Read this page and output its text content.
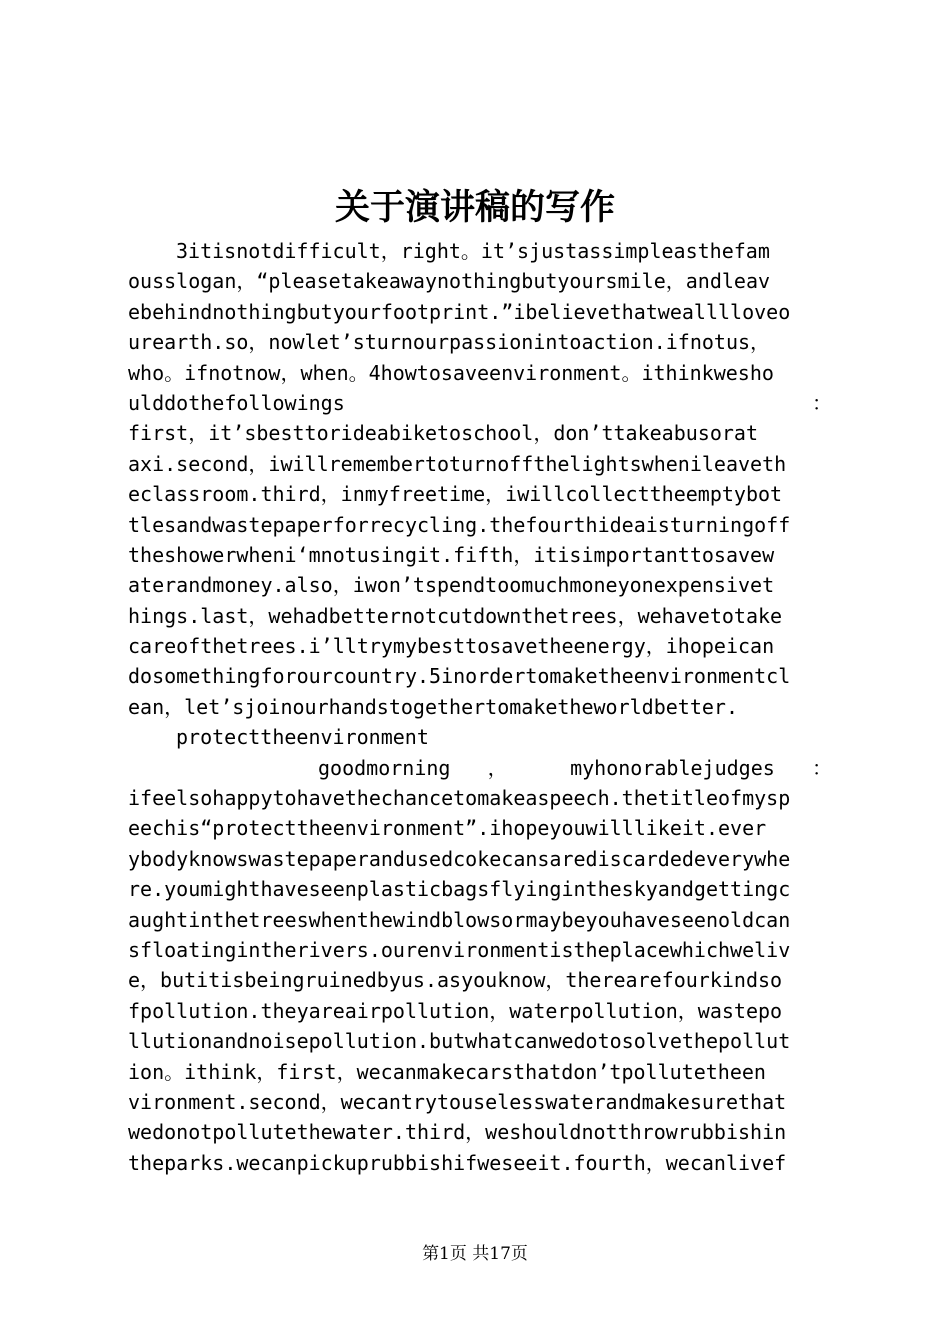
关于演讲稿的写作
3itisnotdifficult，right。it’sjustassimpleasthefam
ousslogan，“pleasetakeawaynothingbutyoursmile，andleav
ebehindnothingbutyourfootprint.”ibelievethatwealllloveo
urearth.so，nowlet’sturnourpassionintoaction.ifnotus，
who。ifnotnow，when。4howtosaveenvironment。ithinkwesho
ulddothefollowings	：
first，it’sbesttorideabiketoschool，don’ttakeabusorat
axi.second，iwillremembertoturnoffthelightswhenileaveth
eclassroom.third，inmyfreetime，iwillcollecttheemptybot
tlesandwastepaperforrecycling.thefourthideaisturningoff
theshowerwheni‘mnotusingit.fifth，itisimportanttosavew
aterandmoney.also，iwon’tspendtoomuchmoneyonexpensivet
hings.last，wehadbetternotcutdownthetrees，wehavetotake
careofthetrees.i’lltrymybesttosavetheenergy，ihopeican
dosomethingforourcountry.5inordertomaketheenvironmentcl
ean，let’sjoinourhandstogethertomaketheworldbetter.
protecttheenvironment
goodmorning ， myhonorablejudges ：
ifeelsohappytohavethechancetomakeaspeech.thetitleofmysp
eechis“protecttheenvironment”.ihopeyouwilllikeit.ever
ybodyknowswastepaperandusedcokecansarediscardedeverywhe
re.youmighthaveseenplasticbagsflyingintheskyandgettingc
aughtinthetreeswhenthewindblowsormaybeyouhaveseenoldcan
sfloatingintherivers.ourenvironmentistheplacewhichweliv
e，butitisbeingruinedbyus.asyouknow，therearefourkindso
fpollution.theyareairpollution，waterpollution，wastepo
llutionandnoisepollution.butwhatcanwedotosolvethepollut
ion。ithink，first，wecanmakecarsthatdon’tpollutetheen
vironment.second，wecantrytouselesswaterandmakesurethat
wedonotpollutethewater.third，weshouldnotthrowrubbishin
theparks.wecanpickuprubbishifweseeit.fourth，wecanlivef
第1页 共17页
